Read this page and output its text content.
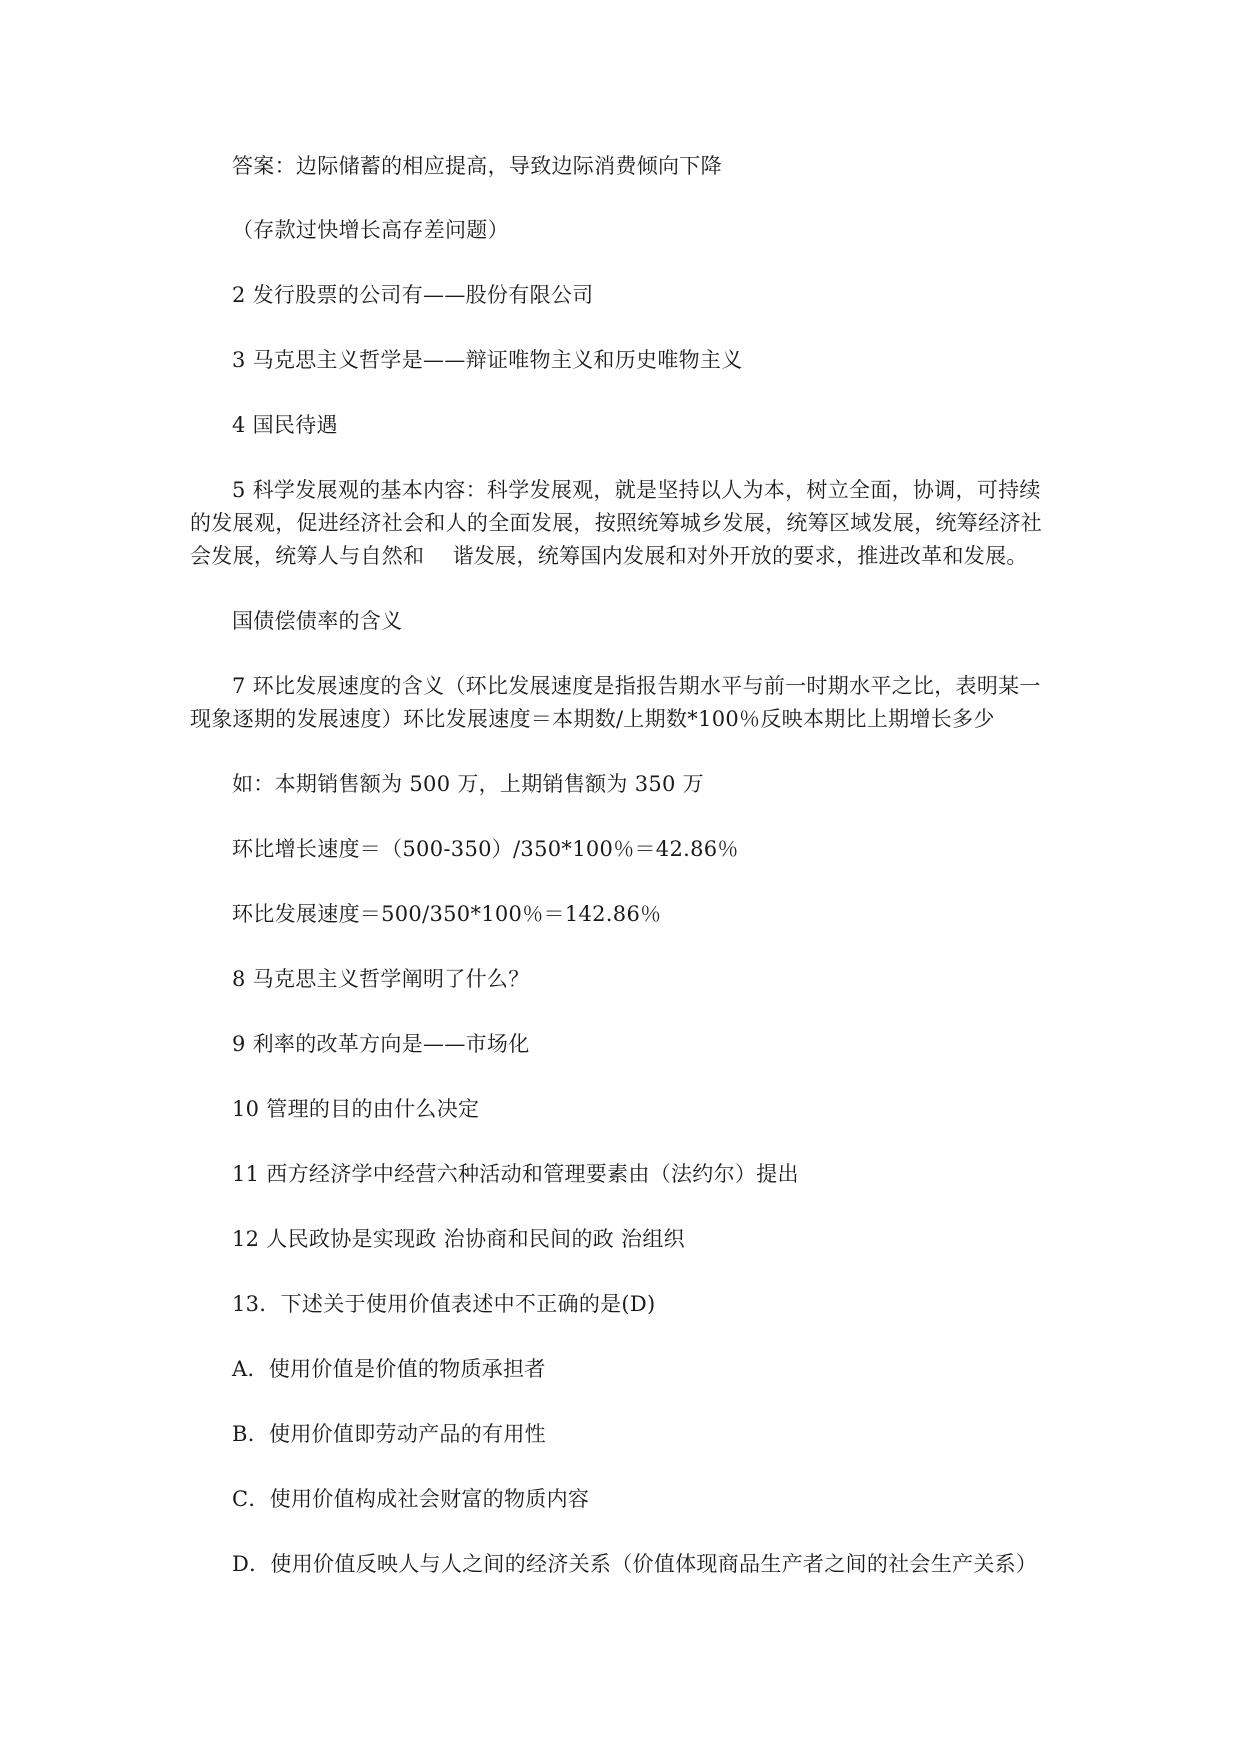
答案：边际储蓄的相应提高，导致边际消费倾向下降
（存款过快增长高存差问题）
2 发行股票的公司有——股份有限公司
3 马克思主义哲学是——辩证唯物主义和历史唯物主义
4 国民待遇
5 科学发展观的基本内容：科学发展观，就是坚持以人为本，树立全面，协调，可持续
的发展观，促进经济社会和人的全面发展，按照统筹城乡发展，统筹区域发展，统筹经济社
会发展，统筹人与自然和　 谐发展，统筹国内发展和对外开放的要求，推进改革和发展。
国债偿债率的含义
7 环比发展速度的含义（环比发展速度是指报告期水平与前一时期水平之比，表明某一
现象逐期的发展速度）环比发展速度＝本期数/上期数*100％反映本期比上期增长多少
如：本期销售额为 500 万，上期销售额为 350 万
环比增长速度＝（500-350）/350*100％＝42.86％
环比发展速度＝500/350*100％＝142.86％
8 马克思主义哲学阐明了什么？
9 利率的改革方向是——市场化
10 管理的目的由什么决定
11 西方经济学中经营六种活动和管理要素由（法约尔）提出
12 人民政协是实现政 治协商和民间的政 治组织
13．下述关于使用价值表述中不正确的是(D)
A．使用价值是价值的物质承担者
B．使用价值即劳动产品的有用性
C．使用价值构成社会财富的物质内容
D．使用价值反映人与人之间的经济关系（价值体现商品生产者之间的社会生产关系）
